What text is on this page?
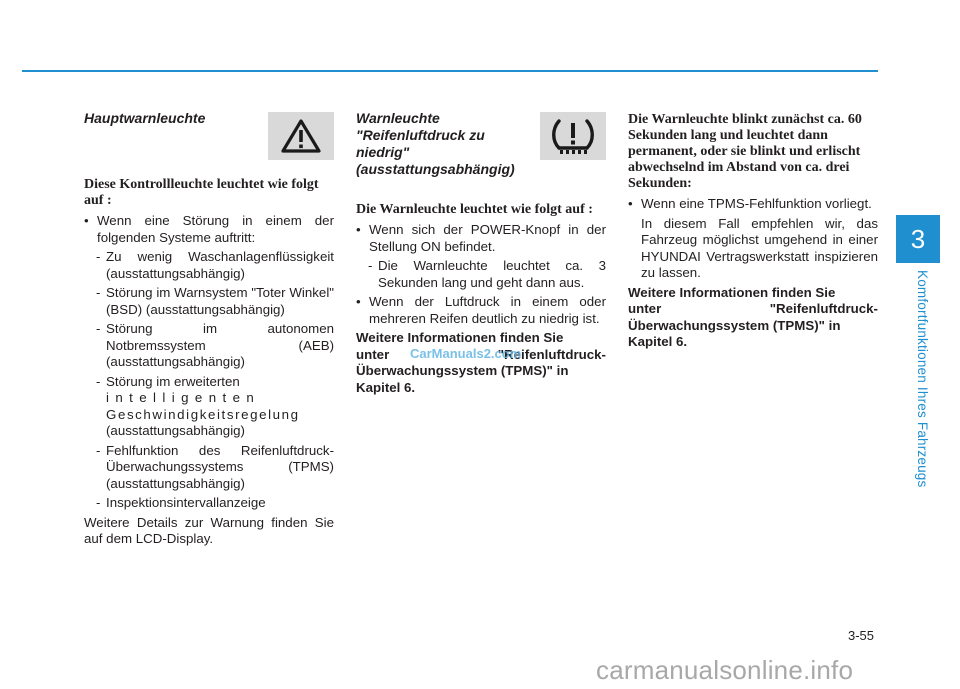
3
Komfortfunktionen Ihres Fahrzeugs

Hauptwarnleuchte

Diese Kontrollleuchte leuchtet wie folgt auf :

• Wenn eine Störung in einem der folgenden Systeme auftritt:

- Zu wenig Waschanlagenflüssigkeit (ausstattungsabhängig)

- Störung im Warnsystem "Toter Winkel" (BSD) (ausstattungsabhängig)

- Störung im autonomen Notbremssystem (AEB) (ausstattungsabhängig)

- Störung im erweiterten
intelligenten
Geschwindigkeitsregelung
(ausstattungsabhängig)

- Fehlfunktion des Reifenluftdruck-Überwachungssystems (TPMS) (ausstattungsabhängig)

- Inspektionsintervallanzeige

Weitere Details zur Warnung finden Sie auf dem LCD-Display.

Warnleuchte
"Reifenluftdruck zu
niedrig"
(ausstattungsabhängig)

Die Warnleuchte leuchtet wie folgt auf :

• Wenn sich der POWER-Knopf in der Stellung ON befindet.

- Die Warnleuchte leuchtet ca. 3 Sekunden lang und geht dann aus.

• Wenn der Luftdruck in einem oder mehreren Reifen deutlich zu niedrig ist.

Weitere Informationen finden Sie

unter	"Reifenluftdruck-
Überwachungssystem (TPMS)" in
Kapitel 6.

Die Warnleuchte blinkt zunächst ca. 60 Sekunden lang und leuchtet dann permanent, oder sie blinkt und erlischt abwechselnd im Abstand von ca. drei Sekunden:

• Wenn eine TPMS-Fehlfunktion vorliegt.

In diesem Fall empfehlen wir, das Fahrzeug möglichst umgehend in einer HYUNDAI Vertragswerkstatt inspizieren zu lassen.

Weitere Informationen finden Sie

unter	"Reifenluftdruck-
Überwachungssystem (TPMS)" in
Kapitel 6.

CarManuals2.com
3-55
carmanualsonline.info
